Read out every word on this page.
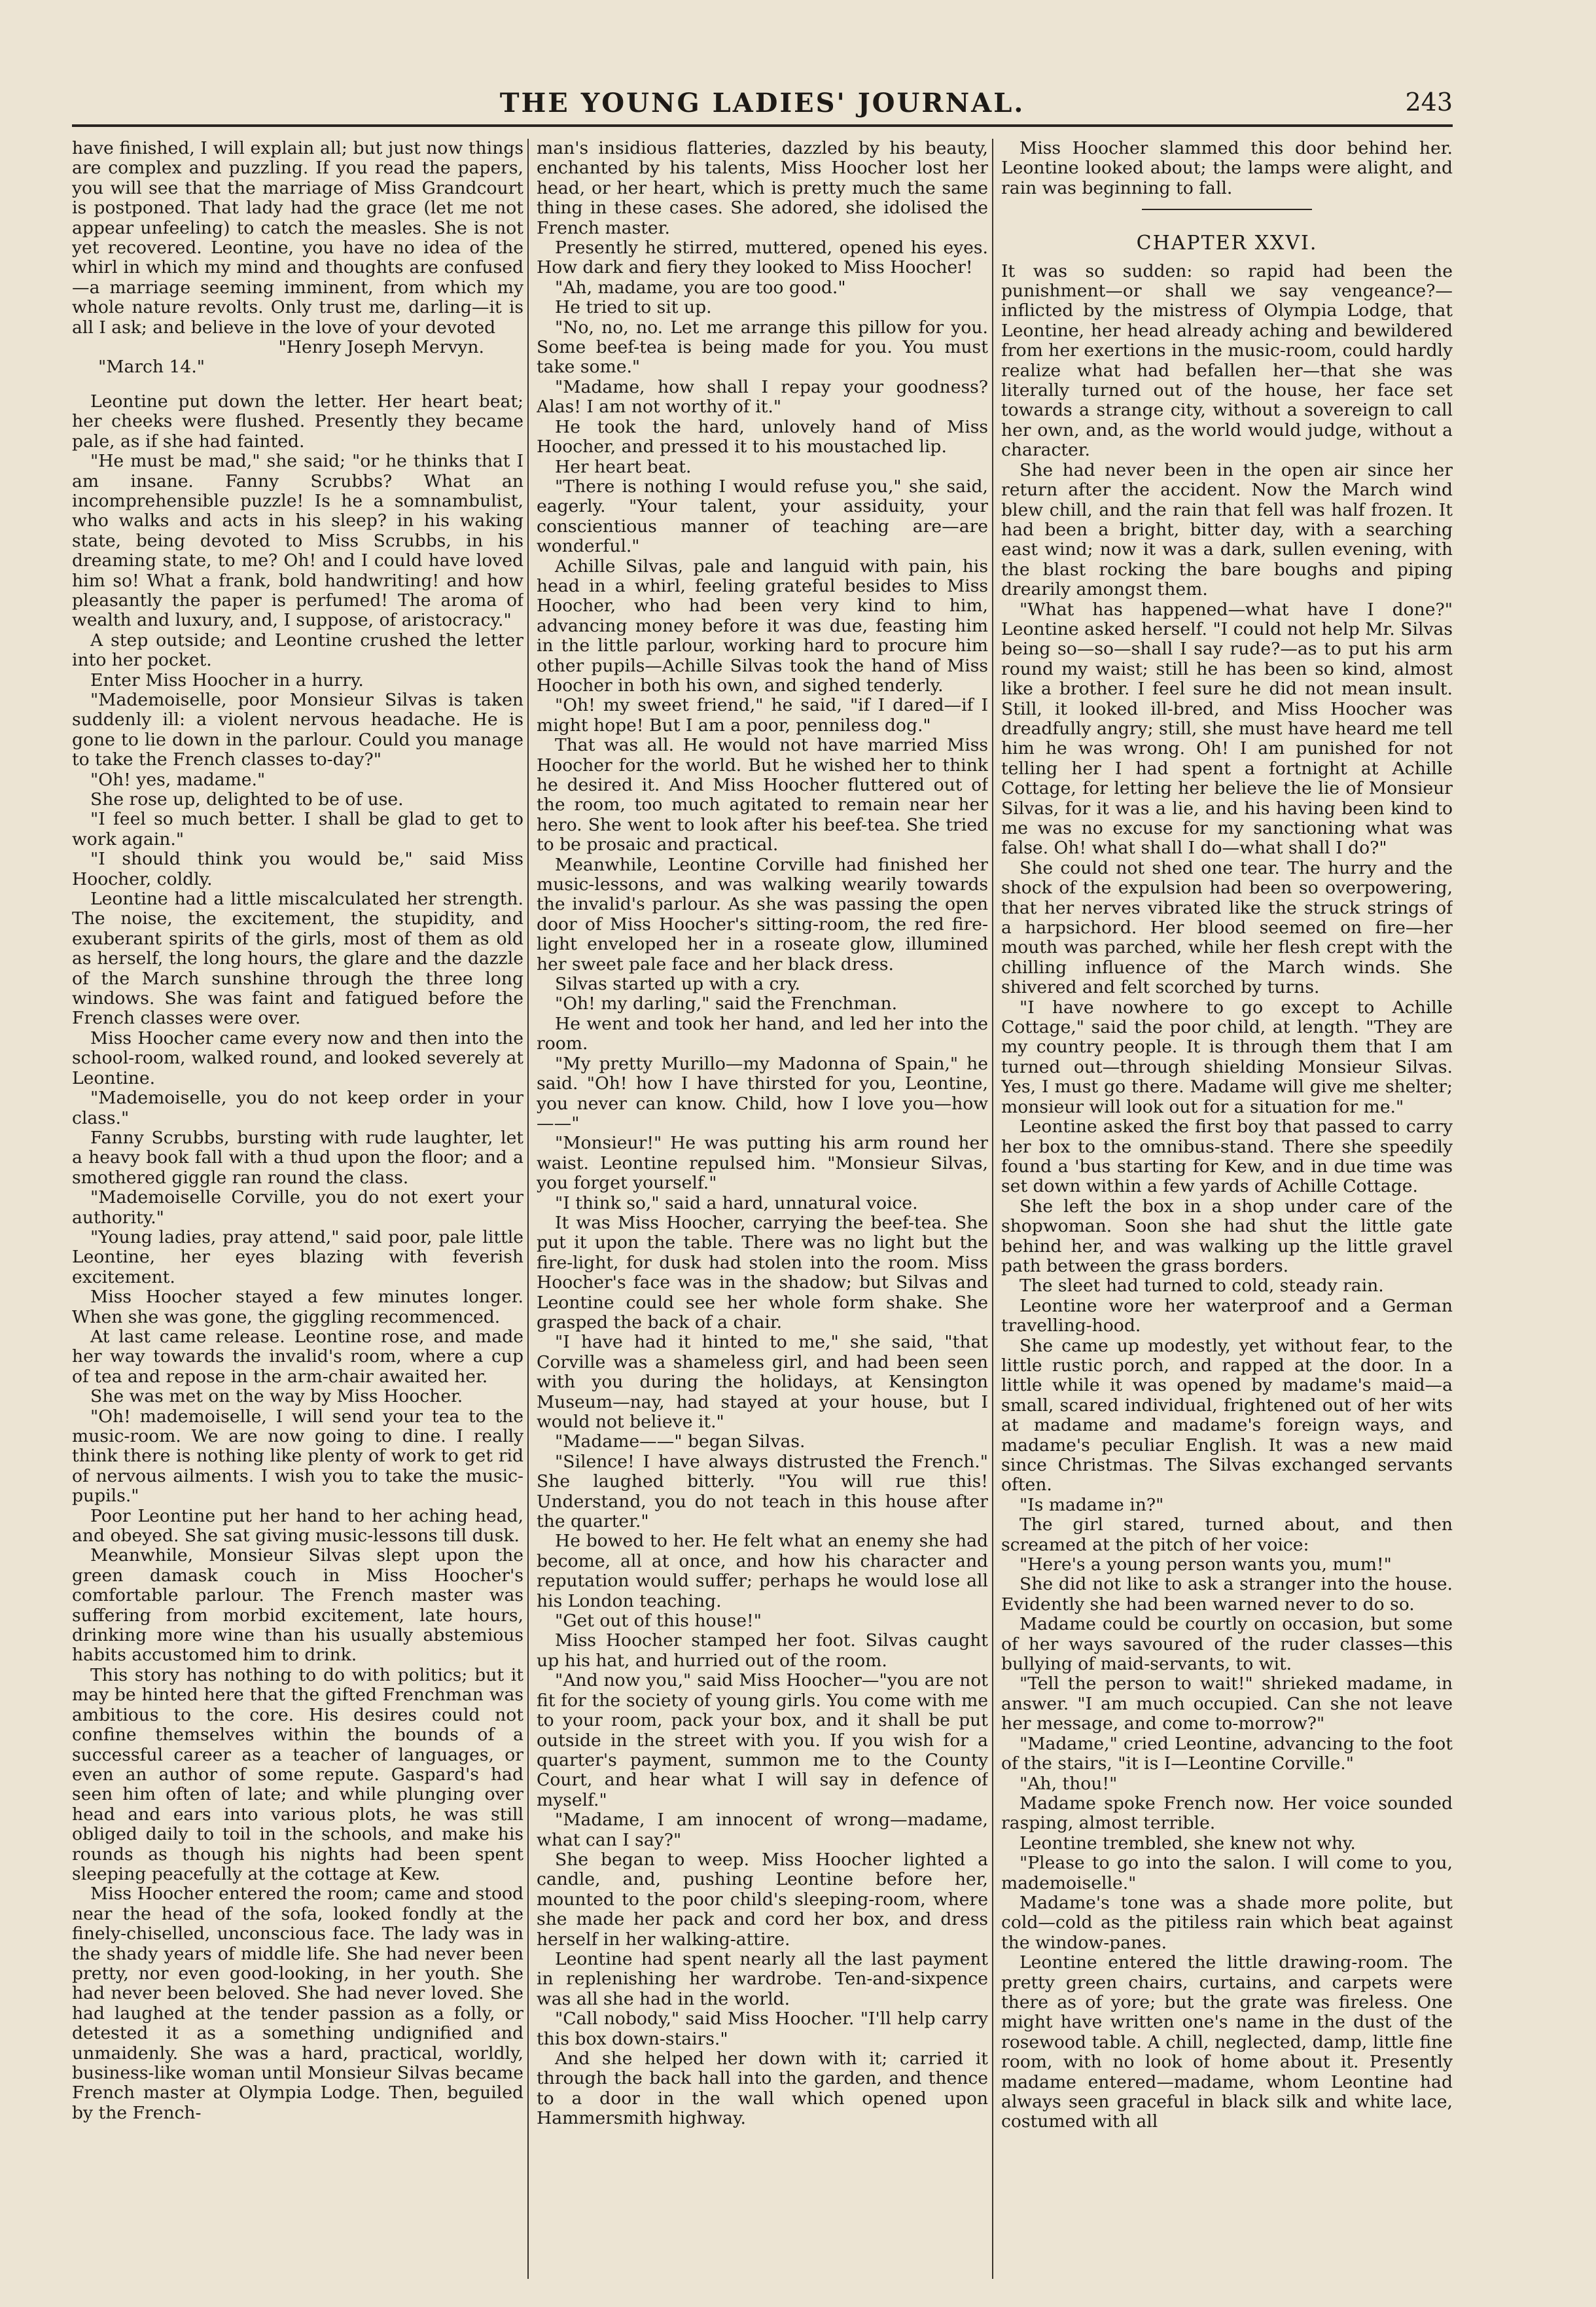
THE YOUNG LADIES' JOURNAL.	243

have finished, I will explain all; but just now things are complex and puzzling. If you read the papers, you will see that the marriage of Miss Grandcourt is postponed. That lady had the grace (let me not appear unfeeling) to catch the measles. She is not yet recovered. Leontine, you have no idea of the whirl in which my mind and thoughts are confused—a marriage seeming imminent, from which my whole nature revolts. Only trust me, darling—it is all I ask; and believe in the love of your devoted

"Henry Joseph Mervyn.

"March 14."

Leontine put down the letter. Her heart beat; her cheeks were flushed. Presently they became pale, as if she had fainted.

"He must be mad," she said; "or he thinks that I am insane. Fanny Scrubbs? What an incomprehensible puzzle! Is he a somnambulist, who walks and acts in his sleep? in his waking state, being devoted to Miss Scrubbs, in his dreaming state, to me? Oh! and I could have loved him so! What a frank, bold handwriting! and how pleasantly the paper is perfumed! The aroma of wealth and luxury, and, I suppose, of aristocracy."

A step outside; and Leontine crushed the letter into her pocket.

Enter Miss Hoocher in a hurry.

"Mademoiselle, poor Monsieur Silvas is taken suddenly ill: a violent nervous headache. He is gone to lie down in the parlour. Could you manage to take the French classes to-day?"

"Oh! yes, madame."

She rose up, delighted to be of use.

"I feel so much better. I shall be glad to get to work again."

"I should think you would be," said Miss Hoocher, coldly.

Leontine had a little miscalculated her strength. The noise, the excitement, the stupidity, and exuberant spirits of the girls, most of them as old as herself, the long hours, the glare and the dazzle of the March sunshine through the three long windows. She was faint and fatigued before the French classes were over.

Miss Hoocher came every now and then into the school-room, walked round, and looked severely at Leontine.

"Mademoiselle, you do not keep order in your class."

Fanny Scrubbs, bursting with rude laughter, let a heavy book fall with a thud upon the floor; and a smothered giggle ran round the class.

"Mademoiselle Corville, you do not exert your authority."

"Young ladies, pray attend," said poor, pale little Leontine, her eyes blazing with feverish excitement.

Miss Hoocher stayed a few minutes longer. When she was gone, the giggling recommenced.

At last came release. Leontine rose, and made her way towards the invalid's room, where a cup of tea and repose in the arm-chair awaited her.

She was met on the way by Miss Hoocher.

"Oh! mademoiselle, I will send your tea to the music-room. We are now going to dine. I really think there is nothing like plenty of work to get rid of nervous ailments. I wish you to take the music-pupils."

Poor Leontine put her hand to her aching head, and obeyed. She sat giving music-lessons till dusk.

Meanwhile, Monsieur Silvas slept upon the green damask couch in Miss Hoocher's comfortable parlour. The French master was suffering from morbid excitement, late hours, drinking more wine than his usually abstemious habits accustomed him to drink.

This story has nothing to do with politics; but it may be hinted here that the gifted Frenchman was ambitious to the core. His desires could not confine themselves within the bounds of a successful career as a teacher of languages, or even an author of some repute. Gaspard's had seen him often of late; and while plunging over head and ears into various plots, he was still obliged daily to toil in the schools, and make his rounds as though his nights had been spent sleeping peacefully at the cottage at Kew.

Miss Hoocher entered the room; came and stood near the head of the sofa, looked fondly at the finely-chiselled, unconscious face. The lady was in the shady years of middle life. She had never been pretty, nor even good-looking, in her youth. She had never been beloved. She had never loved. She had laughed at the tender passion as a folly, or detested it as a something undignified and unmaidenly. She was a hard, practical, worldly, business-like woman until Monsieur Silvas became French master at Olympia Lodge. Then, beguiled by the French-

man's insidious flatteries, dazzled by his beauty, enchanted by his talents, Miss Hoocher lost her head, or her heart, which is pretty much the same thing in these cases. She adored, she idolised the French master.

Presently he stirred, muttered, opened his eyes. How dark and fiery they looked to Miss Hoocher!

"Ah, madame, you are too good."

He tried to sit up.

"No, no, no. Let me arrange this pillow for you. Some beef-tea is being made for you. You must take some."

"Madame, how shall I repay your goodness? Alas! I am not worthy of it."

He took the hard, unlovely hand of Miss Hoocher, and pressed it to his moustached lip.

Her heart beat.

"There is nothing I would refuse you," she said, eagerly. "Your talent, your assiduity, your conscientious manner of teaching are—are wonderful."

Achille Silvas, pale and languid with pain, his head in a whirl, feeling grateful besides to Miss Hoocher, who had been very kind to him, advancing money before it was due, feasting him in the little parlour, working hard to procure him other pupils—Achille Silvas took the hand of Miss Hoocher in both his own, and sighed tenderly.

"Oh! my sweet friend," he said, "if I dared—if I might hope! But I am a poor, penniless dog."

That was all. He would not have married Miss Hoocher for the world. But he wished her to think he desired it. And Miss Hoocher fluttered out of the room, too much agitated to remain near her hero. She went to look after his beef-tea. She tried to be prosaic and practical.

Meanwhile, Leontine Corville had finished her music-lessons, and was walking wearily towards the invalid's parlour. As she was passing the open door of Miss Hoocher's sitting-room, the red fire-light enveloped her in a roseate glow, illumined her sweet pale face and her black dress.

Silvas started up with a cry.

"Oh! my darling," said the Frenchman.

He went and took her hand, and led her into the room.

"My pretty Murillo—my Madonna of Spain," he said. "Oh! how I have thirsted for you, Leontine, you never can know. Child, how I love you—how——"

"Monsieur!" He was putting his arm round her waist. Leontine repulsed him. "Monsieur Silvas, you forget yourself."

"I think so," said a hard, unnatural voice.

It was Miss Hoocher, carrying the beef-tea. She put it upon the table. There was no light but the fire-light, for dusk had stolen into the room. Miss Hoocher's face was in the shadow; but Silvas and Leontine could see her whole form shake. She grasped the back of a chair.

"I have had it hinted to me," she said, "that Corville was a shameless girl, and had been seen with you during the holidays, at Kensington Museum—nay, had stayed at your house, but I would not believe it."

"Madame——" began Silvas.

"Silence! I have always distrusted the French." She laughed bitterly. "You will rue this! Understand, you do not teach in this house after the quarter."

He bowed to her. He felt what an enemy she had become, all at once, and how his character and reputation would suffer; perhaps he would lose all his London teaching.

"Get out of this house!"

Miss Hoocher stamped her foot. Silvas caught up his hat, and hurried out of the room.

"And now you," said Miss Hoocher—"you are not fit for the society of young girls. You come with me to your room, pack your box, and it shall be put outside in the street with you. If you wish for a quarter's payment, summon me to the County Court, and hear what I will say in defence of myself."

"Madame, I am innocent of wrong—madame, what can I say?"

She began to weep. Miss Hoocher lighted a candle, and, pushing Leontine before her, mounted to the poor child's sleeping-room, where she made her pack and cord her box, and dress herself in her walking-attire.

Leontine had spent nearly all the last payment in replenishing her wardrobe. Ten-and-sixpence was all she had in the world.

"Call nobody," said Miss Hoocher. "I'll help carry this box down-stairs."

And she helped her down with it; carried it through the back hall into the garden, and thence to a door in the wall which opened upon Hammersmith highway.

Miss Hoocher slammed this door behind her. Leontine looked about; the lamps were alight, and rain was beginning to fall.

CHAPTER XXVI.

It was so sudden: so rapid had been the punishment—or shall we say vengeance?—inflicted by the mistress of Olympia Lodge, that Leontine, her head already aching and bewildered from her exertions in the music-room, could hardly realize what had befallen her—that she was literally turned out of the house, her face set towards a strange city, without a sovereign to call her own, and, as the world would judge, without a character.

She had never been in the open air since her return after the accident. Now the March wind blew chill, and the rain that fell was half frozen. It had been a bright, bitter day, with a searching east wind; now it was a dark, sullen evening, with the blast rocking the bare boughs and piping drearily amongst them.

"What has happened—what have I done?" Leontine asked herself. "I could not help Mr. Silvas being so—so—shall I say rude?—as to put his arm round my waist; still he has been so kind, almost like a brother. I feel sure he did not mean insult. Still, it looked ill-bred, and Miss Hoocher was dreadfully angry; still, she must have heard me tell him he was wrong. Oh! I am punished for not telling her I had spent a fortnight at Achille Cottage, for letting her believe the lie of Monsieur Silvas, for it was a lie, and his having been kind to me was no excuse for my sanctioning what was false. Oh! what shall I do—what shall I do?"

She could not shed one tear. The hurry and the shock of the expulsion had been so overpowering, that her nerves vibrated like the struck strings of a harpsichord. Her blood seemed on fire—her mouth was parched, while her flesh crept with the chilling influence of the March winds. She shivered and felt scorched by turns.

"I have nowhere to go except to Achille Cottage," said the poor child, at length. "They are my country people. It is through them that I am turned out—through shielding Monsieur Silvas. Yes, I must go there. Madame will give me shelter; monsieur will look out for a situation for me."

Leontine asked the first boy that passed to carry her box to the omnibus-stand. There she speedily found a 'bus starting for Kew, and in due time was set down within a few yards of Achille Cottage.

She left the box in a shop under care of the shopwoman. Soon she had shut the little gate behind her, and was walking up the little gravel path between the grass borders.

The sleet had turned to cold, steady rain.

Leontine wore her waterproof and a German travelling-hood.

She came up modestly, yet without fear, to the little rustic porch, and rapped at the door. In a little while it was opened by madame's maid—a small, scared individual, frightened out of her wits at madame and madame's foreign ways, and madame's peculiar English. It was a new maid since Christmas. The Silvas exchanged servants often.

"Is madame in?"

The girl stared, turned about, and then screamed at the pitch of her voice:

"Here's a young person wants you, mum!"

She did not like to ask a stranger into the house. Evidently she had been warned never to do so.

Madame could be courtly on occasion, but some of her ways savoured of the ruder classes—this bullying of maid-servants, to wit.

"Tell the person to wait!" shrieked madame, in answer. "I am much occupied. Can she not leave her message, and come to-morrow?"

"Madame," cried Leontine, advancing to the foot of the stairs, "it is I—Leontine Corville."

"Ah, thou!"

Madame spoke French now. Her voice sounded rasping, almost terrible.

Leontine trembled, she knew not why.

"Please to go into the salon. I will come to you, mademoiselle."

Madame's tone was a shade more polite, but cold—cold as the pitiless rain which beat against the window-panes.

Leontine entered the little drawing-room. The pretty green chairs, curtains, and carpets were there as of yore; but the grate was fireless. One might have written one's name in the dust of the rosewood table. A chill, neglected, damp, little fine room, with no look of home about it. Presently madame entered—madame, whom Leontine had always seen graceful in black silk and white lace, costumed with all
